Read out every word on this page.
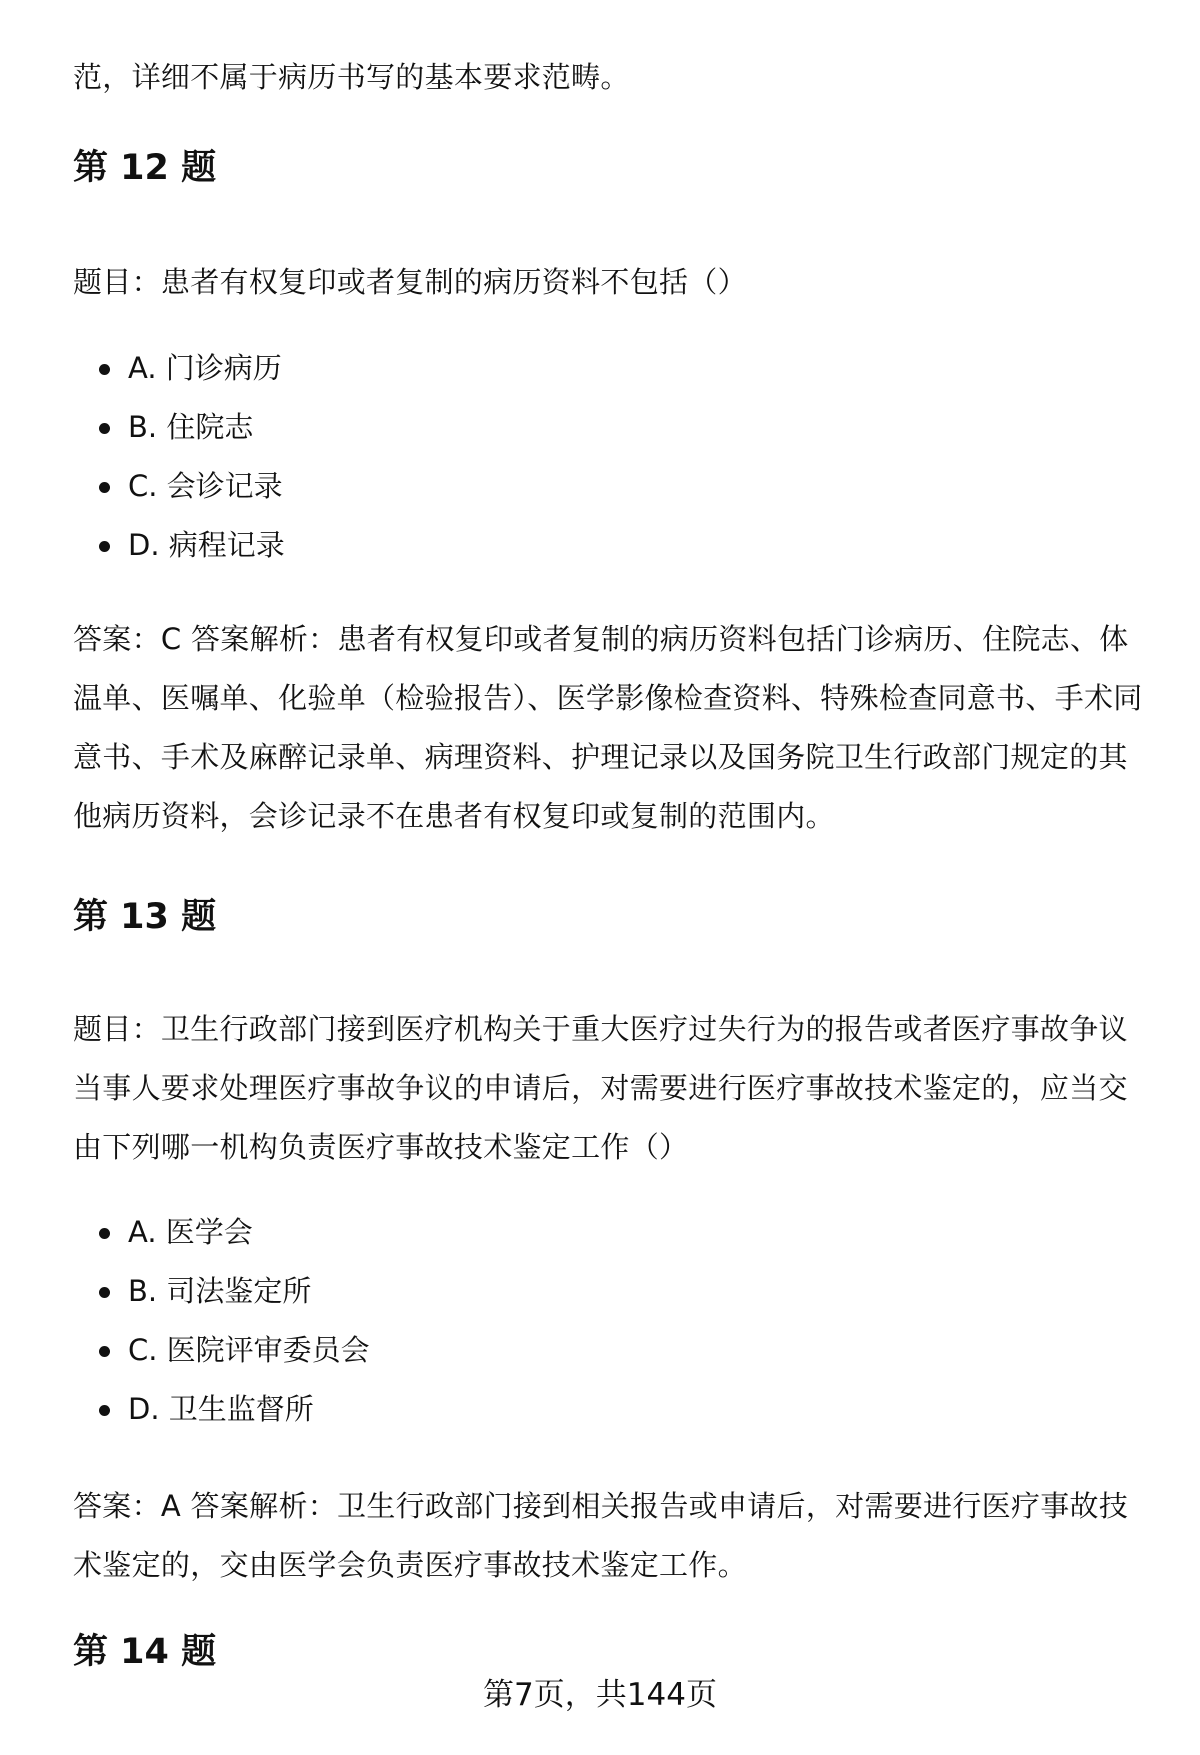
范，详细不属于病历书写的基本要求范畴。

第 12 题

题目：患者有权复印或者复制的病历资料不包括（）

A. 门诊病历
B. 住院志
C. 会诊记录
D. 病程记录

答案：C 答案解析：患者有权复印或者复制的病历资料包括门诊病历、住院志、体温单、医嘱单、化验单（检验报告）、医学影像检查资料、特殊检查同意书、手术同意书、手术及麻醉记录单、病理资料、护理记录以及国务院卫生行政部门规定的其他病历资料，会诊记录不在患者有权复印或复制的范围内。

第 13 题

题目：卫生行政部门接到医疗机构关于重大医疗过失行为的报告或者医疗事故争议当事人要求处理医疗事故争议的申请后，对需要进行医疗事故技术鉴定的，应当交由下列哪一机构负责医疗事故技术鉴定工作（）

A. 医学会
B. 司法鉴定所
C. 医院评审委员会
D. 卫生监督所

答案：A 答案解析：卫生行政部门接到相关报告或申请后，对需要进行医疗事故技术鉴定的，交由医学会负责医疗事故技术鉴定工作。

第 14 题
第7页，共144页
